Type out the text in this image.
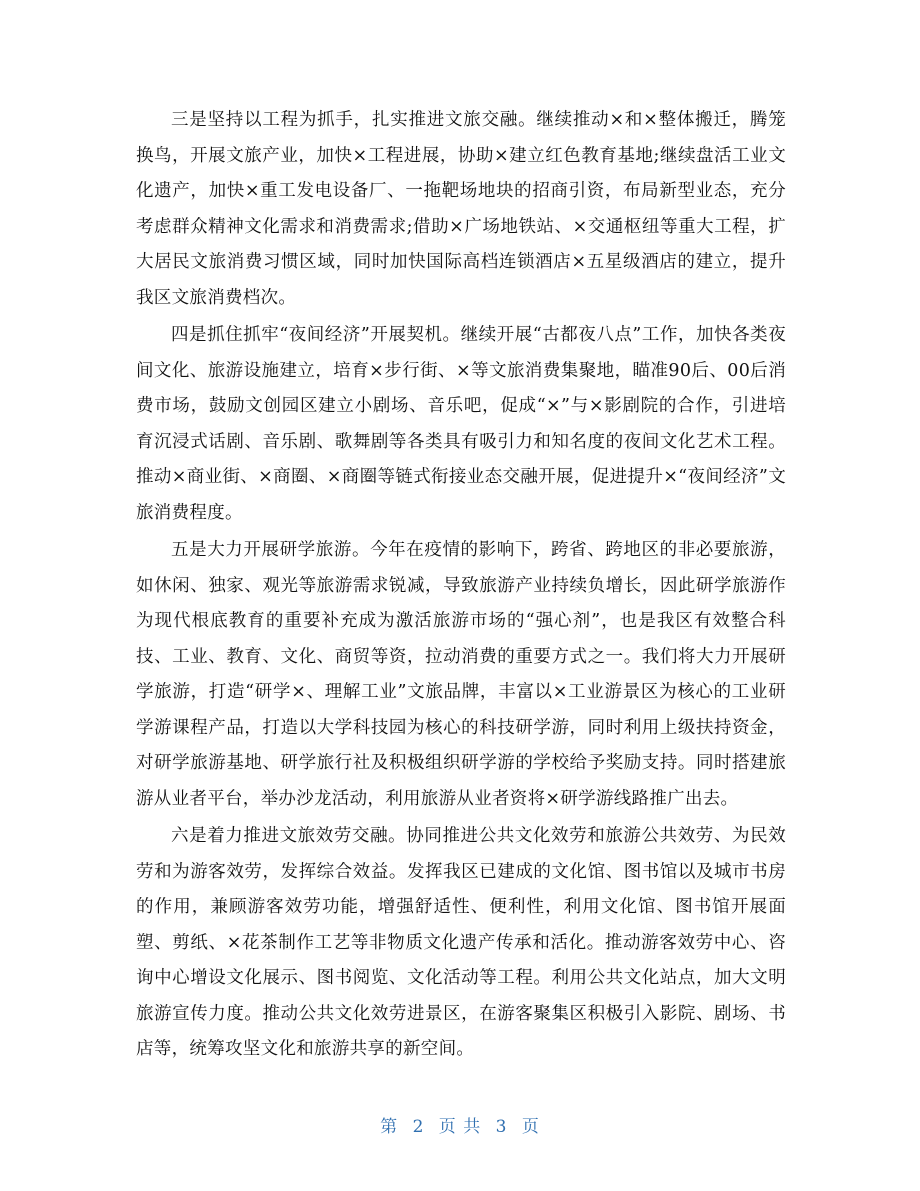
三是坚持以工程为抓手，扎实推进文旅交融。继续推动×和×整体搬迁，腾笼换鸟，开展文旅产业，加快×工程进展，协助×建立红色教育基地;继续盘活工业文化遗产，加快×重工发电设备厂、一拖靶场地块的招商引资，布局新型业态，充分考虑群众精神文化需求和消费需求;借助×广场地铁站、×交通枢纽等重大工程，扩大居民文旅消费习惯区域，同时加快国际高档连锁酒店×五星级酒店的建立，提升我区文旅消费档次。

四是抓住抓牢“夜间经济”开展契机。继续开展“古都夜八点”工作，加快各类夜间文化、旅游设施建立，培育×步行街、×等文旅消费集聚地，瞄准90后、00后消费市场，鼓励文创园区建立小剧场、音乐吧，促成“×”与×影剧院的合作，引进培育沉浸式话剧、音乐剧、歌舞剧等各类具有吸引力和知名度的夜间文化艺术工程。推动×商业街、×商圈、×商圈等链式衔接业态交融开展，促进提升×“夜间经济”文旅消费程度。

五是大力开展研学旅游。今年在疫情的影响下，跨省、跨地区的非必要旅游，如休闲、独家、观光等旅游需求锐减，导致旅游产业持续负增长，因此研学旅游作为现代根底教育的重要补充成为激活旅游市场的“强心剂”，也是我区有效整合科技、工业、教育、文化、商贸等资，拉动消费的重要方式之一。我们将大力开展研学旅游，打造“研学×、理解工业”文旅品牌，丰富以×工业游景区为核心的工业研学游课程产品，打造以大学科技园为核心的科技研学游，同时利用上级扶持资金，对研学旅游基地、研学旅行社及积极组织研学游的学校给予奖励支持。同时搭建旅游从业者平台，举办沙龙活动，利用旅游从业者资将×研学游线路推广出去。

六是着力推进文旅效劳交融。协同推进公共文化效劳和旅游公共效劳、为民效劳和为游客效劳，发挥综合效益。发挥我区已建成的文化馆、图书馆以及城市书房的作用，兼顾游客效劳功能，增强舒适性、便利性，利用文化馆、图书馆开展面塑、剪纸、×花茶制作工艺等非物质文化遗产传承和活化。推动游客效劳中心、咨询中心增设文化展示、图书阅览、文化活动等工程。利用公共文化站点，加大文明旅游宣传力度。推动公共文化效劳进景区，在游客聚集区积极引入影院、剧场、书店等，统筹攻坚文化和旅游共享的新空间。

第 2 页 共 3 页
